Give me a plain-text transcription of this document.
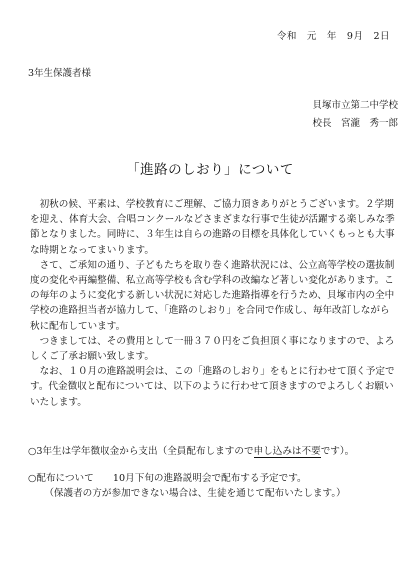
令和　元　年　9月　2日
3年生保護者様
貝塚市立第二中学校
校長　宮瀧　秀一郎
「進路のしおり」について

初秋の候、平素は、学校教育にご理解、ご協力頂きありがとうございます。２学期を迎え、体育大会、合唱コンクールなどさまざまな行事で生徒が活躍する楽しみな季節となりました。同時に、３年生は自らの進路の目標を具体化していくもっとも大事な時期となってまいります。

さて、ご承知の通り、子どもたちを取り巻く進路状況には、公立高等学校の選抜制度の変化や再編整備、私立高等学校も含む学科の改編など著しい変化があります。この毎年のように変化する新しい状況に対応した進路指導を行うため、貝塚市内の全中学校の進路担当者が協力して、「進路のしおり」を合同で作成し、毎年改訂しながら秋に配布しています。

つきましては、その費用として一冊３７０円をご負担頂く事になりますので、よろしくご了承お願い致します。

なお、１０月の進路説明会は、この「進路のしおり」をもとに行わせて頂く予定です。代金徴収と配布については、以下のように行わせて頂きますのでよろしくお願いいたします。

○3年生は学年徴収金から支出（全員配布しますので申し込みは不要です）。

○配布について　　10月下旬の進路説明会で配布する予定です。

（保護者の方が参加できない場合は、生徒を通じて配布いたします。）
